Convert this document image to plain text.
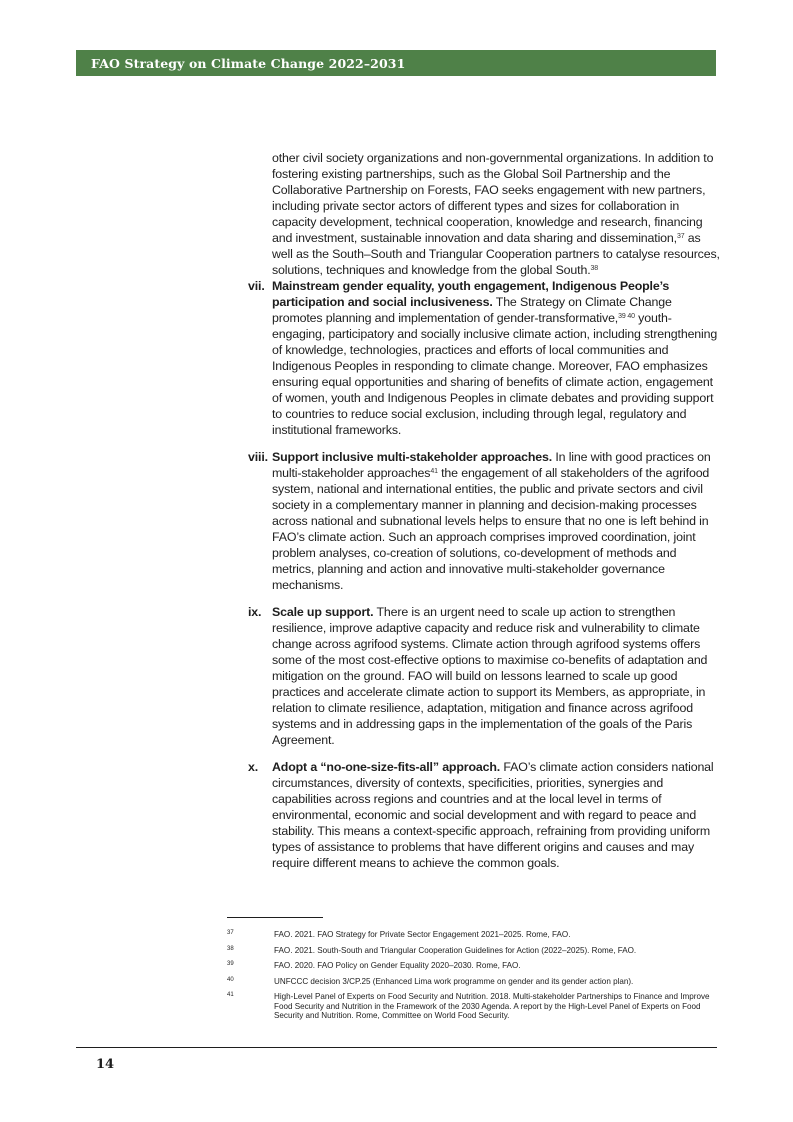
FAO Strategy on Climate Change 2022–2031

other civil society organizations and non-governmental organizations. In addition to fostering existing partnerships, such as the Global Soil Partnership and the Collaborative Partnership on Forests, FAO seeks engagement with new partners, including private sector actors of different types and sizes for collaboration in capacity development, technical cooperation, knowledge and research, financing and investment, sustainable innovation and data sharing and dissemination,$^{37}$ as well as the South–South and Triangular Cooperation partners to catalyse resources, solutions, techniques and knowledge from the global South.$^{38}$

vii. Mainstream gender equality, youth engagement, Indigenous People’s participation and social inclusiveness. The Strategy on Climate Change promotes planning and implementation of gender-transformative,$^{39 40}$ youth-engaging, participatory and socially inclusive climate action, including strengthening of knowledge, technologies, practices and efforts of local communities and Indigenous Peoples in responding to climate change. Moreover, FAO emphasizes ensuring equal opportunities and sharing of benefits of climate action, engagement of women, youth and Indigenous Peoples in climate debates and providing support to countries to reduce social exclusion, including through legal, regulatory and institutional frameworks.

viii. Support inclusive multi-stakeholder approaches. In line with good practices on multi-stakeholder approaches$^{41}$ the engagement of all stakeholders of the agrifood system, national and international entities, the public and private sectors and civil society in a complementary manner in planning and decision-making processes across national and subnational levels helps to ensure that no one is left behind in FAO’s climate action. Such an approach comprises improved coordination, joint problem analyses, co-creation of solutions, co-development of methods and metrics, planning and action and innovative multi-stakeholder governance mechanisms.

ix. Scale up support. There is an urgent need to scale up action to strengthen resilience, improve adaptive capacity and reduce risk and vulnerability to climate change across agrifood systems. Climate action through agrifood systems offers some of the most cost-effective options to maximise co-benefits of adaptation and mitigation on the ground. FAO will build on lessons learned to scale up good practices and accelerate climate action to support its Members, as appropriate, in relation to climate resilience, adaptation, mitigation and finance across agrifood systems and in addressing gaps in the implementation of the goals of the Paris Agreement.

x. Adopt a “no-one-size-fits-all” approach. FAO’s climate action considers national circumstances, diversity of contexts, specificities, priorities, synergies and capabilities across regions and countries and at the local level in terms of environmental, economic and social development and with regard to peace and stability. This means a context-specific approach, refraining from providing uniform types of assistance to problems that have different origins and causes and may require different means to achieve the common goals.

37	FAO. 2021. FAO Strategy for Private Sector Engagement 2021–2025. Rome, FAO.
38	FAO. 2021. South-South and Triangular Cooperation Guidelines for Action (2022–2025). Rome, FAO.
39	FAO. 2020. FAO Policy on Gender Equality 2020–2030. Rome, FAO.
40	UNFCCC decision 3/CP.25 (Enhanced Lima work programme on gender and its gender action plan).
41	High-Level Panel of Experts on Food Security and Nutrition. 2018. Multi-stakeholder Partnerships to Finance and Improve Food Security and Nutrition in the Framework of the 2030 Agenda. A report by the High-Level Panel of Experts on Food Security and Nutrition. Rome, Committee on World Food Security.
14
